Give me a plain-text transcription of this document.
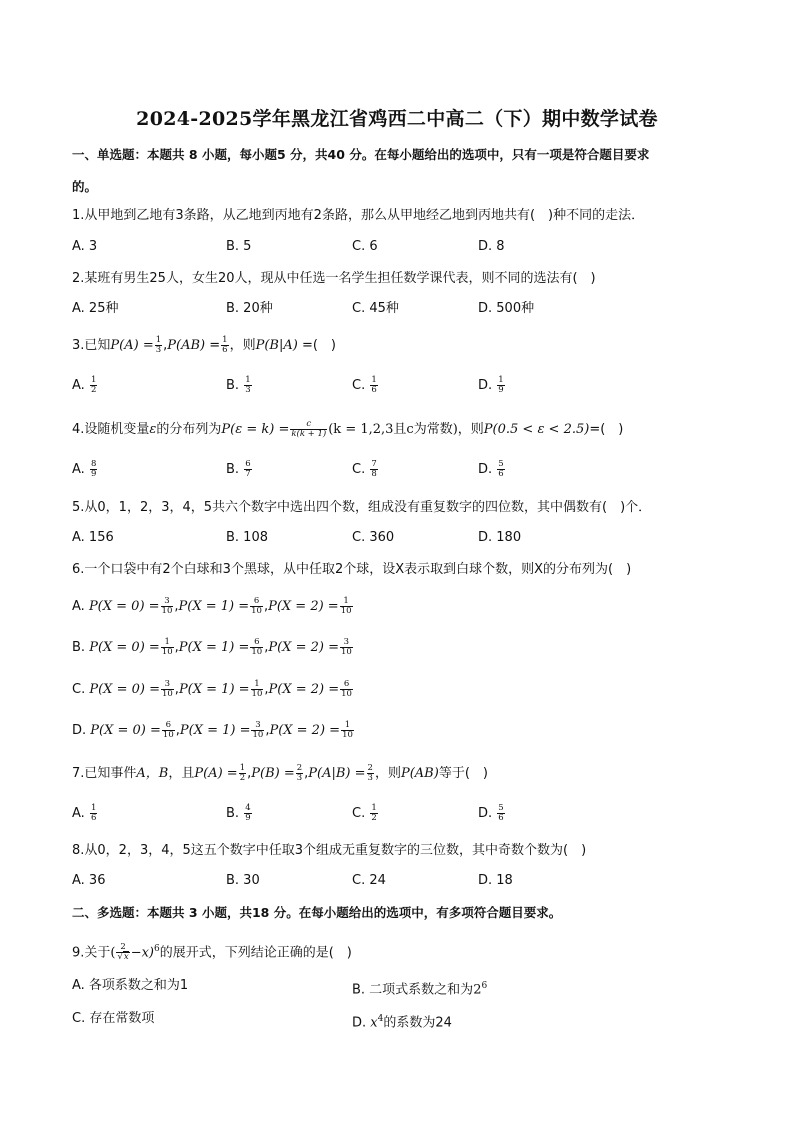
2024-2025学年黑龙江省鸡西二中高二（下）期中数学试卷
一、单选题：本题共 8 小题，每小题5 分，共40 分。在每小题给出的选项中，只有一项是符合题目要求
的。
1.从甲地到乙地有3条路，从乙地到丙地有2条路，那么从甲地经乙地到丙地共有(　)种不同的走法．
A. 3	B. 5	C. 6	D. 8
2.某班有男生25人，女生20人，现从中任选一名学生担任数学课代表，则不同的选法有(　)
A. 25种	B. 20种	C. 45种	D. 500种
3.已知$P(A) = \frac{1}{3} ,P(AB) = \frac{1}{6}$ ，则P(B|A) =(　)
A. $\frac{1}{2}$	B. $\frac{1}{3}$	C. $\frac{1}{6}$	D. $\frac{1}{9}$
4.设随机变量ε的分布列为$P(\varepsilon = k) = \frac{c}{k(k + 1)} (k = 1,2,3$且c为常数)，则P(0.5 < ε < 2.5)=(　)
A. $\frac{8}{9}$	B. $\frac{6}{7}$	C. $\frac{7}{8}$	D. $\frac{5}{6}$
5.从0，1，2，3，4，5共六个数字中选出四个数，组成没有重复数字的四位数，其中偶数有(　)个．
A. 156	B. 108	C. 360	D. 180
6.一个口袋中有2个白球和3个黑球，从中任取2个球，设X表示取到白球个数，则X的分布列为(　)
A. $P(X = 0) = \frac{3}{10} ,P(X = 1) = \frac{6}{10} ,P(X = 2) = \frac{1}{10}$
B. $P(X = 0) = \frac{1}{10} ,P(X = 1) = \frac{6}{10} ,P(X = 2) = \frac{3}{10}$
C. $P(X = 0) = \frac{3}{10} ,P(X = 1) = \frac{1}{10} ,P(X = 2) = \frac{6}{10}$
D. $P(X = 0) = \frac{6}{10} ,P(X = 1) = \frac{3}{10} ,P(X = 2) = \frac{1}{10}$
7.已知事件A，B，且$P(A) = \frac{1}{2} ,P(B) = \frac{2}{3} ,P(A|B) = \frac{2}{3}$ ，则P(AB)等于(　)
A. $\frac{1}{6}$	B. $\frac{4}{9}$	C. $\frac{1}{2}$	D. $\frac{5}{6}$
8.从0，2，3，4，5这五个数字中任取3个组成无重复数字的三位数，其中奇数个数为(　)
A. 36	B. 30	C. 24	D. 18
二、多选题：本题共 3 小题，共18 分。在每小题给出的选项中，有多项符合题目要求。
9.关于( $\frac{2}{√x} -x)^6$的展开式，下列结论正确的是(　)
A. 各项系数之和为1	B. 二项式系数之和为$2^6$
C. 存在常数项	D. $x^4$的系数为24
